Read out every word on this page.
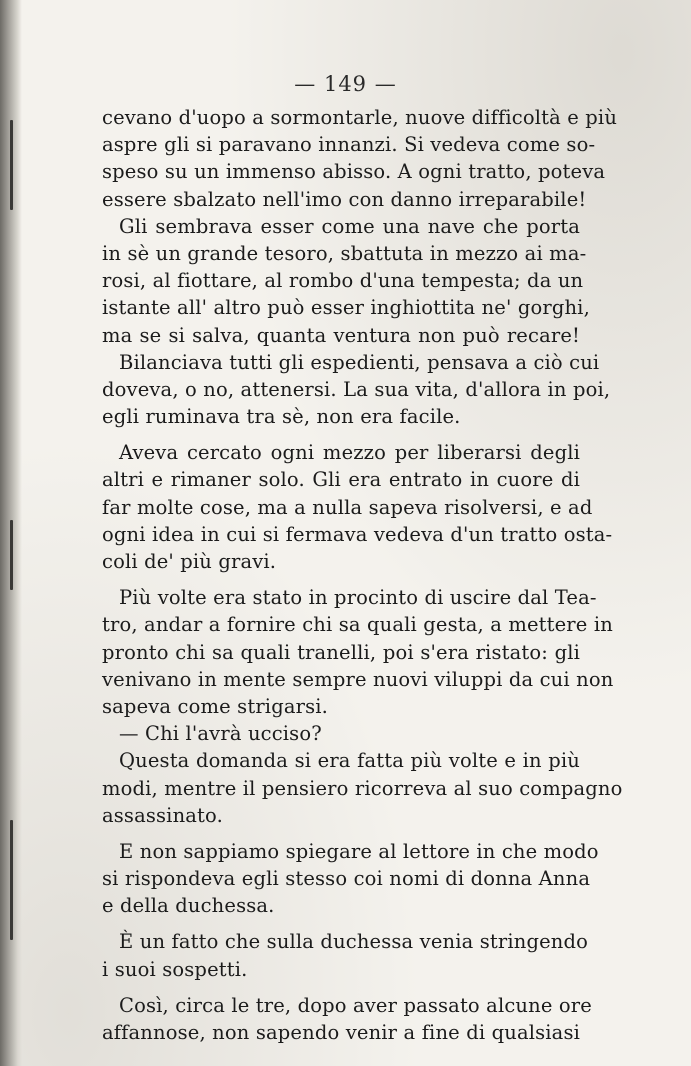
— 149 —
cevano d'uopo a sormontarle, nuove difficoltà e più
aspre gli si paravano innanzi. Si vedeva come so-
speso su un immenso abisso. A ogni tratto, poteva
essere sbalzato nell'imo con danno irreparabile!
Gli sembrava esser come una nave che porta
in sè un grande tesoro, sbattuta in mezzo ai ma-
rosi, al fiottare, al rombo d'una tempesta; da un
istante all' altro può esser inghiottita ne' gorghi,
ma se si salva, quanta ventura non può recare!
Bilanciava tutti gli espedienti, pensava a ciò cui
doveva, o no, attenersi. La sua vita, d'allora in poi,
egli ruminava tra sè, non era facile.
Aveva cercato ogni mezzo per liberarsi degli
altri e rimaner solo. Gli era entrato in cuore di
far molte cose, ma a nulla sapeva risolversi, e ad
ogni idea in cui si fermava vedeva d'un tratto osta-
coli de' più gravi.
Più volte era stato in procinto di uscire dal Tea-
tro, andar a fornire chi sa quali gesta, a mettere in
pronto chi sa quali tranelli, poi s'era ristato: gli
venivano in mente sempre nuovi viluppi da cui non
sapeva come strigarsi.
— Chi l'avrà ucciso?
Questa domanda si era fatta più volte e in più
modi, mentre il pensiero ricorreva al suo compagno
assassinato.
E non sappiamo spiegare al lettore in che modo
si rispondeva egli stesso coi nomi di donna Anna
e della duchessa.
È un fatto che sulla duchessa venia stringendo
i suoi sospetti.
Così, circa le tre, dopo aver passato alcune ore
affannose, non sapendo venir a fine di qualsiasi
